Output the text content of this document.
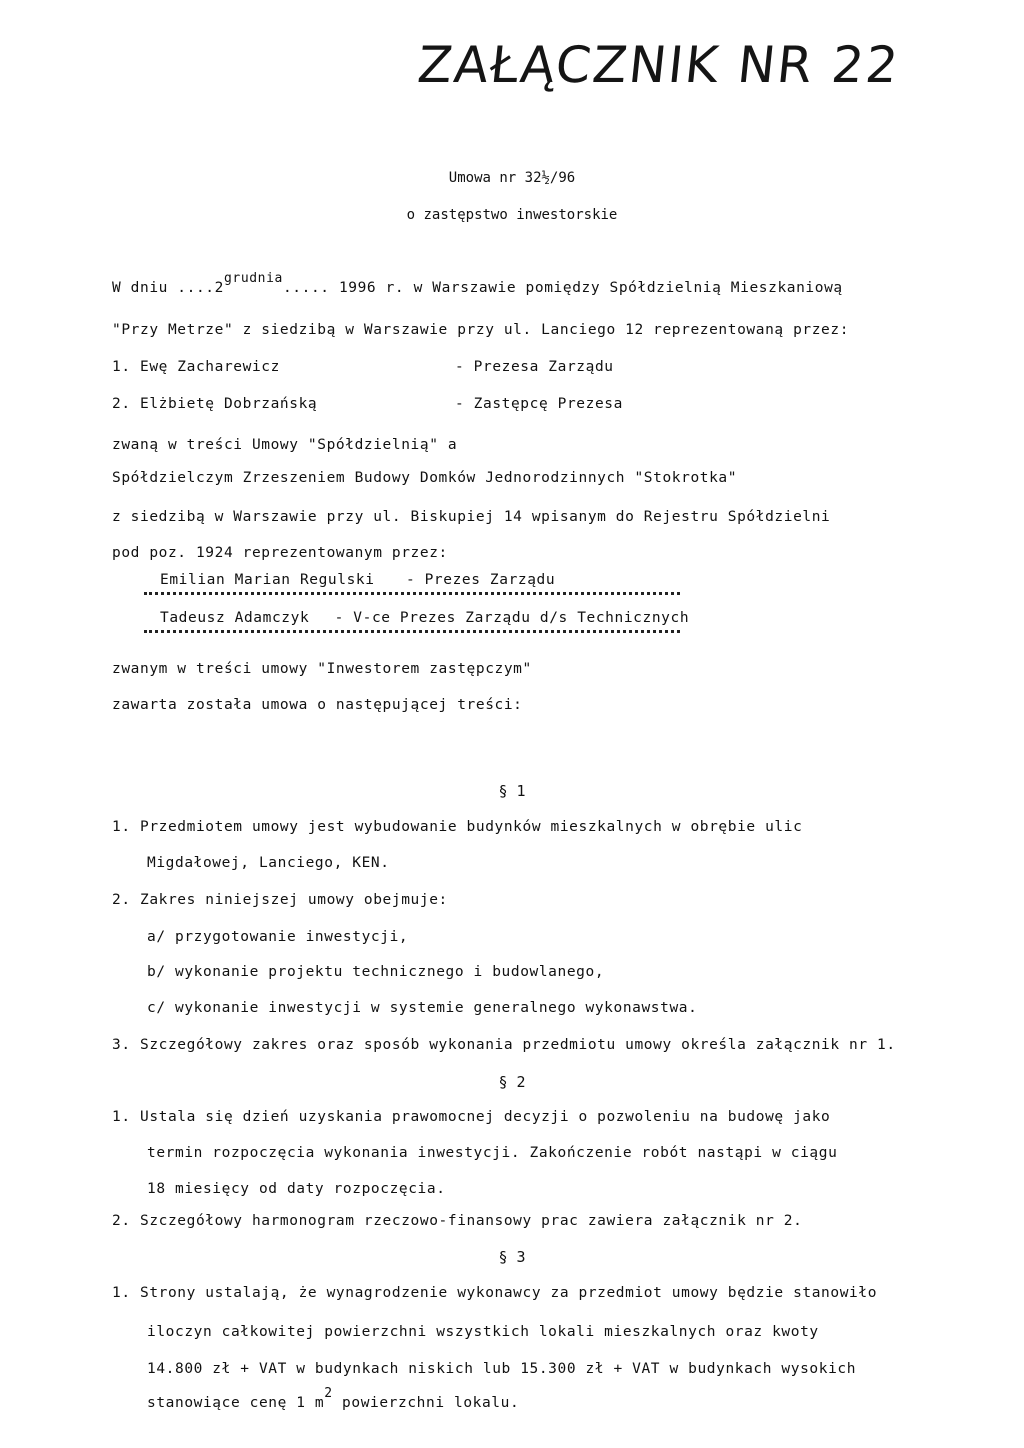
ZAŁĄCZNIK NR 22
Umowa nr 32½/96
o zastępstwo inwestorskie
W dniu ....2grudnia..... 1996 r. w Warszawie pomiędzy Spółdzielnią Mieszkaniową
"Przy Metrze" z siedzibą w Warszawie przy ul. Lanciego 12 reprezentowaną przez:
1. Ewę Zacharewicz	- Prezesa Zarządu
2. Elżbietę Dobrzańską	- Zastępcę Prezesa
zwaną w treści Umowy "Spółdzielnią" a
Spółdzielczym Zrzeszeniem Budowy Domków Jednorodzinnych "Stokrotka"
z siedzibą w Warszawie przy ul. Biskupiej 14 wpisanym do Rejestru Spółdzielni
pod poz. 1924 reprezentowanym przez:
Emilian Marian Regulski - Prezes Zarządu
Tadeusz Adamczyk - V-ce Prezes Zarządu d/s Technicznych
zwanym w treści umowy "Inwestorem zastępczym"
zawarta została umowa o następującej treści:
§ 1
1. Przedmiotem umowy jest wybudowanie budynków mieszkalnych w obrębie ulic
Migdałowej, Lanciego, KEN.
2. Zakres niniejszej umowy obejmuje:
a/ przygotowanie inwestycji,
b/ wykonanie projektu technicznego i budowlanego,
c/ wykonanie inwestycji w systemie generalnego wykonawstwa.
3. Szczegółowy zakres oraz sposób wykonania przedmiotu umowy określa załącznik nr 1.
§ 2
1. Ustala się dzień uzyskania prawomocnej decyzji o pozwoleniu na budowę jako
termin rozpoczęcia wykonania inwestycji. Zakończenie robót nastąpi w ciągu
18 miesięcy od daty rozpoczęcia.
2. Szczegółowy harmonogram rzeczowo-finansowy prac zawiera załącznik nr 2.
§ 3
1. Strony ustalają, że wynagrodzenie wykonawcy za przedmiot umowy będzie stanowiło
iloczyn całkowitej powierzchni wszystkich lokali mieszkalnych oraz kwoty
14.800 zł + VAT w budynkach niskich lub 15.300 zł + VAT w budynkach wysokich
stanowiące cenę 1 m2 powierzchni lokalu.
